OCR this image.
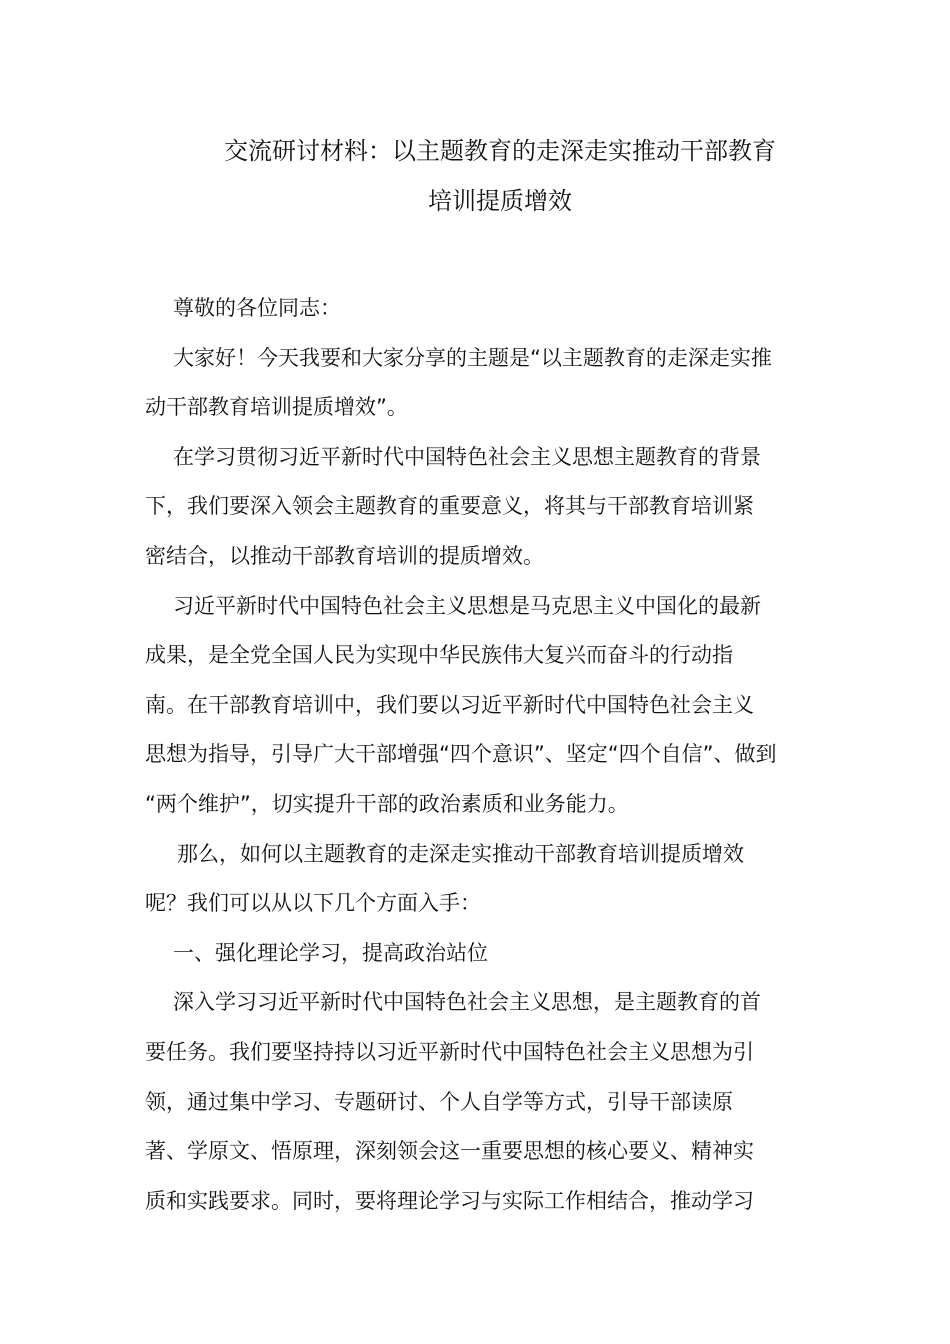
交流研讨材料：以主题教育的走深走实推动干部教育
培训提质增效
尊敬的各位同志：
大家好！今天我要和大家分享的主题是“以主题教育的走深走实推
动干部教育培训提质增效”。
在学习贯彻习近平新时代中国特色社会主义思想主题教育的背景
下，我们要深入领会主题教育的重要意义，将其与干部教育培训紧
密结合，以推动干部教育培训的提质增效。
习近平新时代中国特色社会主义思想是马克思主义中国化的最新
成果，是全党全国人民为实现中华民族伟大复兴而奋斗的行动指
南。在干部教育培训中，我们要以习近平新时代中国特色社会主义
思想为指导，引导广大干部增强“四个意识”、坚定“四个自信”、做到
“两个维护”，切实提升干部的政治素质和业务能力。
那么，如何以主题教育的走深走实推动干部教育培训提质增效
呢？我们可以从以下几个方面入手：
一、强化理论学习，提高政治站位
深入学习习近平新时代中国特色社会主义思想，是主题教育的首
要任务。我们要坚持持以习近平新时代中国特色社会主义思想为引
领，通过集中学习、专题研讨、个人自学等方式，引导干部读原
著、学原文、悟原理，深刻领会这一重要思想的核心要义、精神实
质和实践要求。同时，要将理论学习与实际工作相结合，推动学习
